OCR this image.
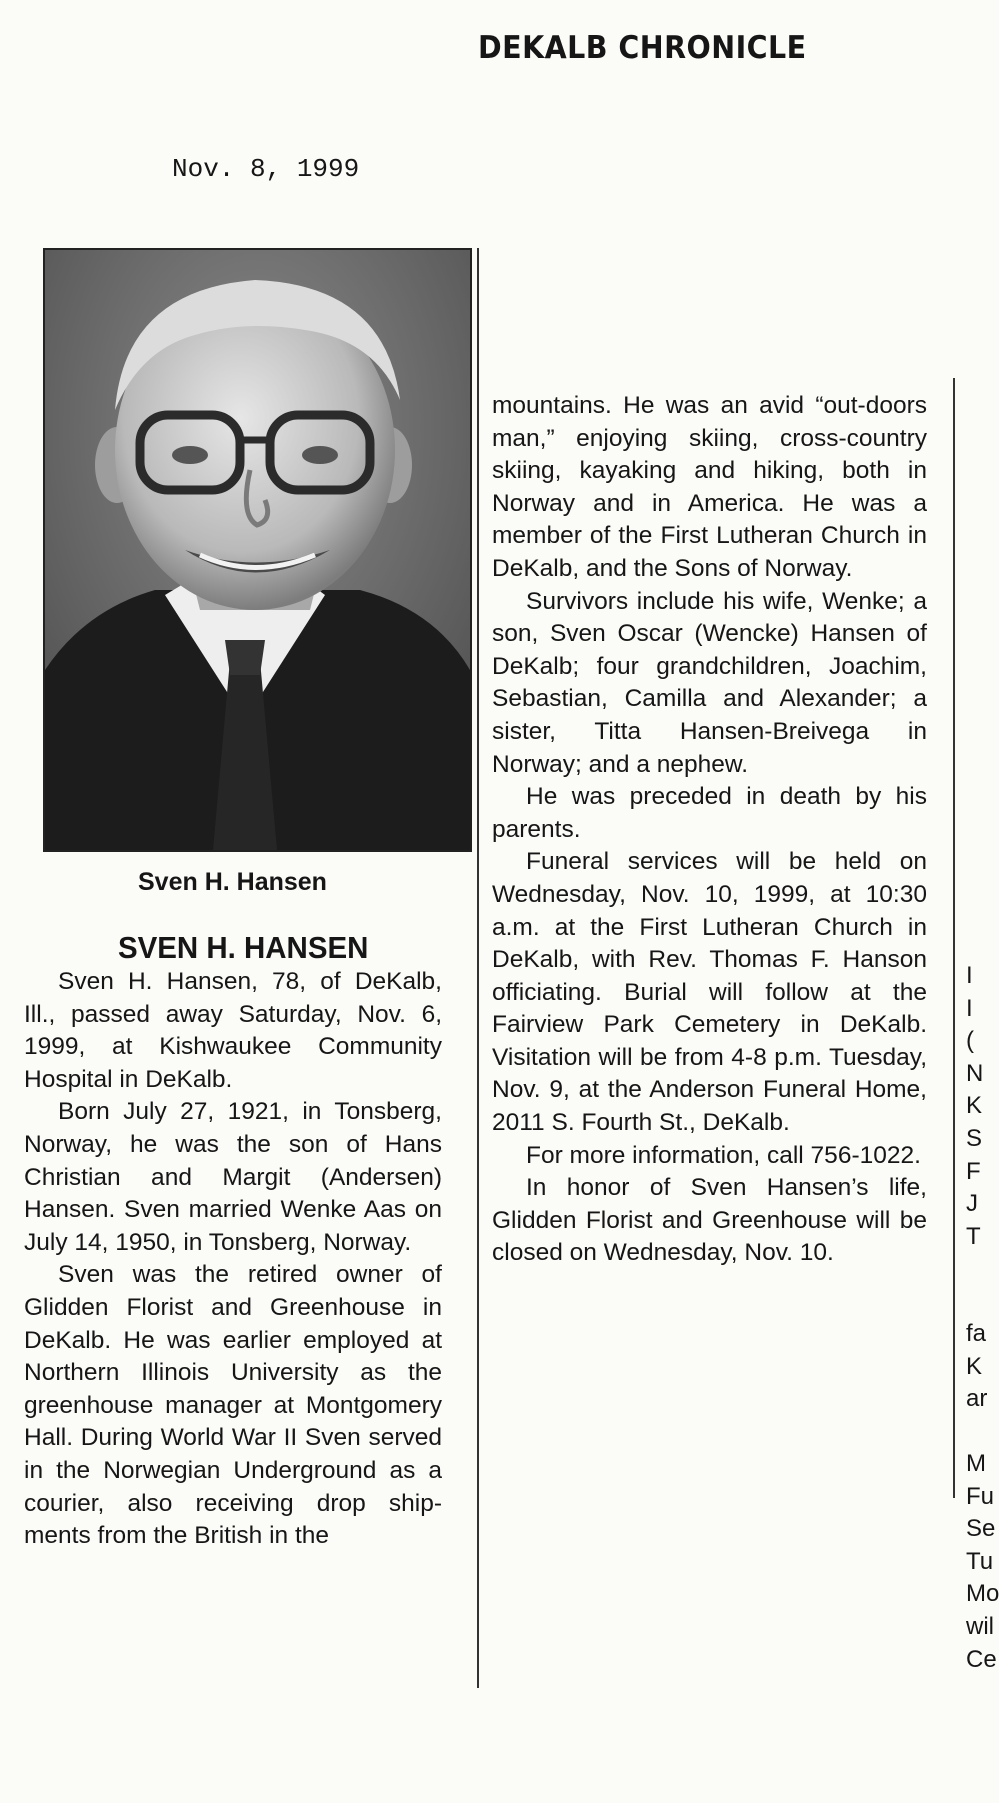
DEKALB CHRONICLE
Nov. 8, 1999
Sven H. Hansen
SVEN H. HANSEN

Sven H. Hansen, 78, of DeKalb, Ill., passed away Saturday, Nov. 6, 1999, at Kishwaukee Community Hospital in DeKalb.

Born July 27, 1921, in Tonsberg, Norway, he was the son of Hans Christian and Margit (Andersen) Hansen. Sven married Wenke Aas on July 14, 1950, in Tonsberg, Norway.

Sven was the retired owner of Glidden Florist and Greenhouse in DeKalb. He was earlier employed at Northern Illinois University as the greenhouse manager at Montgomery Hall. During World War II Sven served in the Norwegian Underground as a courier, also receiving drop ship-ments from the British in the

mountains. He was an avid “out-doors man,” enjoying skiing, cross-country skiing, kayaking and hiking, both in Norway and in America. He was a member of the First Lutheran Church in DeKalb, and the Sons of Norway.

Survivors include his wife, Wenke; a son, Sven Oscar (Wencke) Hansen of DeKalb; four grandchildren, Joachim, Sebastian, Camilla and Alexander; a sister, Titta Hansen-Breivega in Norway; and a nephew.

He was preceded in death by his parents.

Funeral services will be held on Wednesday, Nov. 10, 1999, at 10:30 a.m. at the First Lutheran Church in DeKalb, with Rev. Thomas F. Hanson officiating. Burial will follow at the Fairview Park Cemetery in DeKalb. Visitation will be from 4-8 p.m. Tuesday, Nov. 9, at the Anderson Funeral Home, 2011 S. Fourth St., DeKalb.

For more information, call 756-1022.

In honor of Sven Hansen’s life, Glidden Florist and Greenhouse will be closed on Wednesday, Nov. 10.

I
I
(
N
K
S
F
J
T
fa
K
ar
M
Fu
Se
Tu
Mo
wil
Ce
